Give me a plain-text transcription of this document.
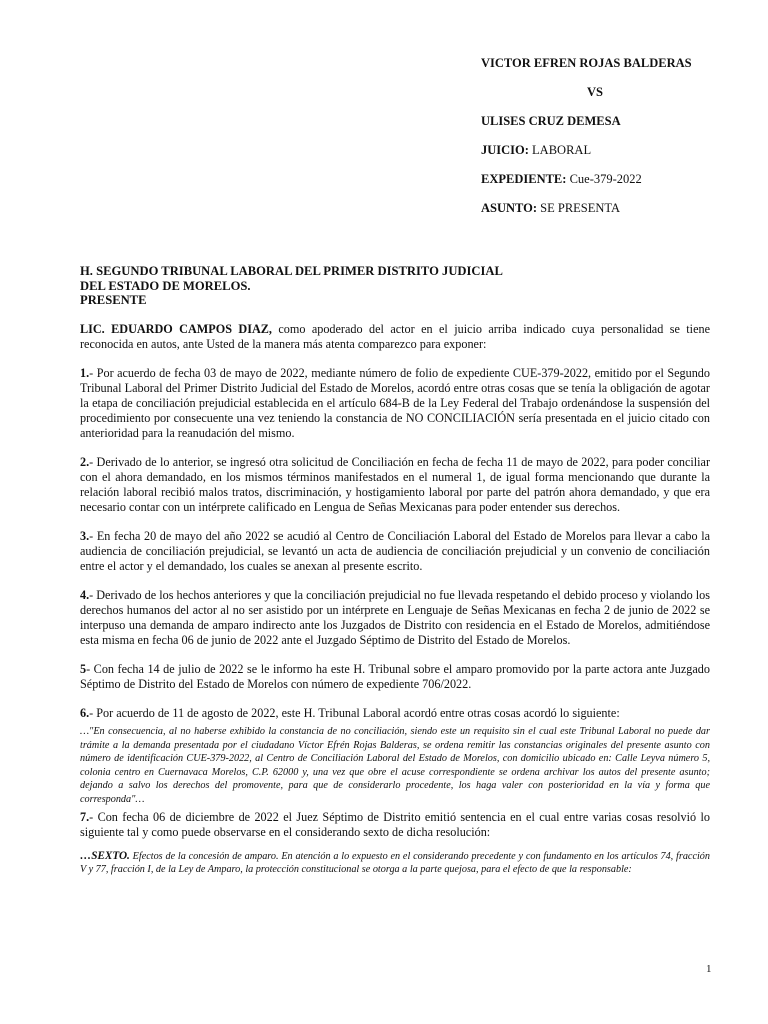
VICTOR EFREN ROJAS BALDERAS

VS

ULISES CRUZ DEMESA

JUICIO: LABORAL

EXPEDIENTE: Cue-379-2022

ASUNTO: SE PRESENTA

H. SEGUNDO TRIBUNAL LABORAL DEL PRIMER DISTRITO JUDICIAL
DEL ESTADO DE MORELOS.
PRESENTE

LIC. EDUARDO CAMPOS DIAZ, como apoderado del actor en el juicio arriba indicado cuya personalidad se tiene reconocida en autos, ante Usted de la manera más atenta comparezco para exponer:

1.- Por acuerdo de fecha 03 de mayo de 2022, mediante número de folio de expediente CUE-379-2022, emitido por el Segundo Tribunal Laboral del Primer Distrito Judicial del Estado de Morelos, acordó entre otras cosas que se tenía la obligación de agotar la etapa de conciliación prejudicial establecida en el artículo 684-B de la Ley Federal del Trabajo ordenándose la suspensión del procedimiento por consecuente una vez teniendo la constancia de NO CONCILIACIÓN sería presentada en el juicio citado con anterioridad para la reanudación del mismo.

2.- Derivado de lo anterior, se ingresó otra solicitud de Conciliación en fecha de fecha 11 de mayo de 2022, para poder conciliar con el ahora demandado, en los mismos términos manifestados en el numeral 1, de igual forma mencionando que durante la relación laboral recibió malos tratos, discriminación, y hostigamiento laboral por parte del patrón ahora demandado, y que era necesario contar con un intérprete calificado en Lengua de Señas Mexicanas para poder entender sus derechos.

3.- En fecha 20 de mayo del año 2022 se acudió al Centro de Conciliación Laboral del Estado de Morelos para llevar a cabo la audiencia de conciliación prejudicial, se levantó un acta de audiencia de conciliación prejudicial y un convenio de conciliación entre el actor y el demandado, los cuales se anexan al presente escrito.

4.- Derivado de los hechos anteriores y que la conciliación prejudicial no fue llevada respetando el debido proceso y violando los derechos humanos del actor al no ser asistido por un intérprete en Lenguaje de Señas Mexicanas en fecha 2 de junio de 2022 se interpuso una demanda de amparo indirecto ante los Juzgados de Distrito con residencia en el Estado de Morelos, admitiéndose esta misma en fecha 06 de junio de 2022 ante el Juzgado Séptimo de Distrito del Estado de Morelos.

5- Con fecha 14 de julio de 2022 se le informo ha este H. Tribunal sobre el amparo promovido por la parte actora ante Juzgado Séptimo de Distrito del Estado de Morelos con número de expediente 706/2022.

6.- Por acuerdo de 11 de agosto de 2022, este H. Tribunal Laboral acordó entre otras cosas acordó lo siguiente:

…"En consecuencia, al no haberse exhibido la constancia de no conciliación, siendo este un requisito sin el cual este Tribunal Laboral no puede dar trámite a la demanda presentada por el ciudadano Víctor Efrén Rojas Balderas, se ordena remitir las constancias originales del presente asunto con número de identificación CUE-379-2022, al Centro de Conciliación Laboral del Estado de Morelos, con domicilio ubicado en: Calle Leyva número 5, colonia centro en Cuernavaca Morelos, C.P. 62000 y, una vez que obre el acuse correspondiente se ordena archivar los autos del presente asunto; dejando a salvo los derechos del promovente, para que de considerarlo procedente, los haga valer con posterioridad en la vía y forma que corresponda"…

7.- Con fecha 06 de diciembre de 2022 el Juez Séptimo de Distrito emitió sentencia en el cual entre varias cosas resolvió lo siguiente tal y como puede observarse en el considerando sexto de dicha resolución:

…SEXTO. Efectos de la concesión de amparo. En atención a lo expuesto en el considerando precedente y con fundamento en los artículos 74, fracción V y 77, fracción I, de la Ley de Amparo, la protección constitucional se otorga a la parte quejosa, para el efecto de que la responsable:

1
